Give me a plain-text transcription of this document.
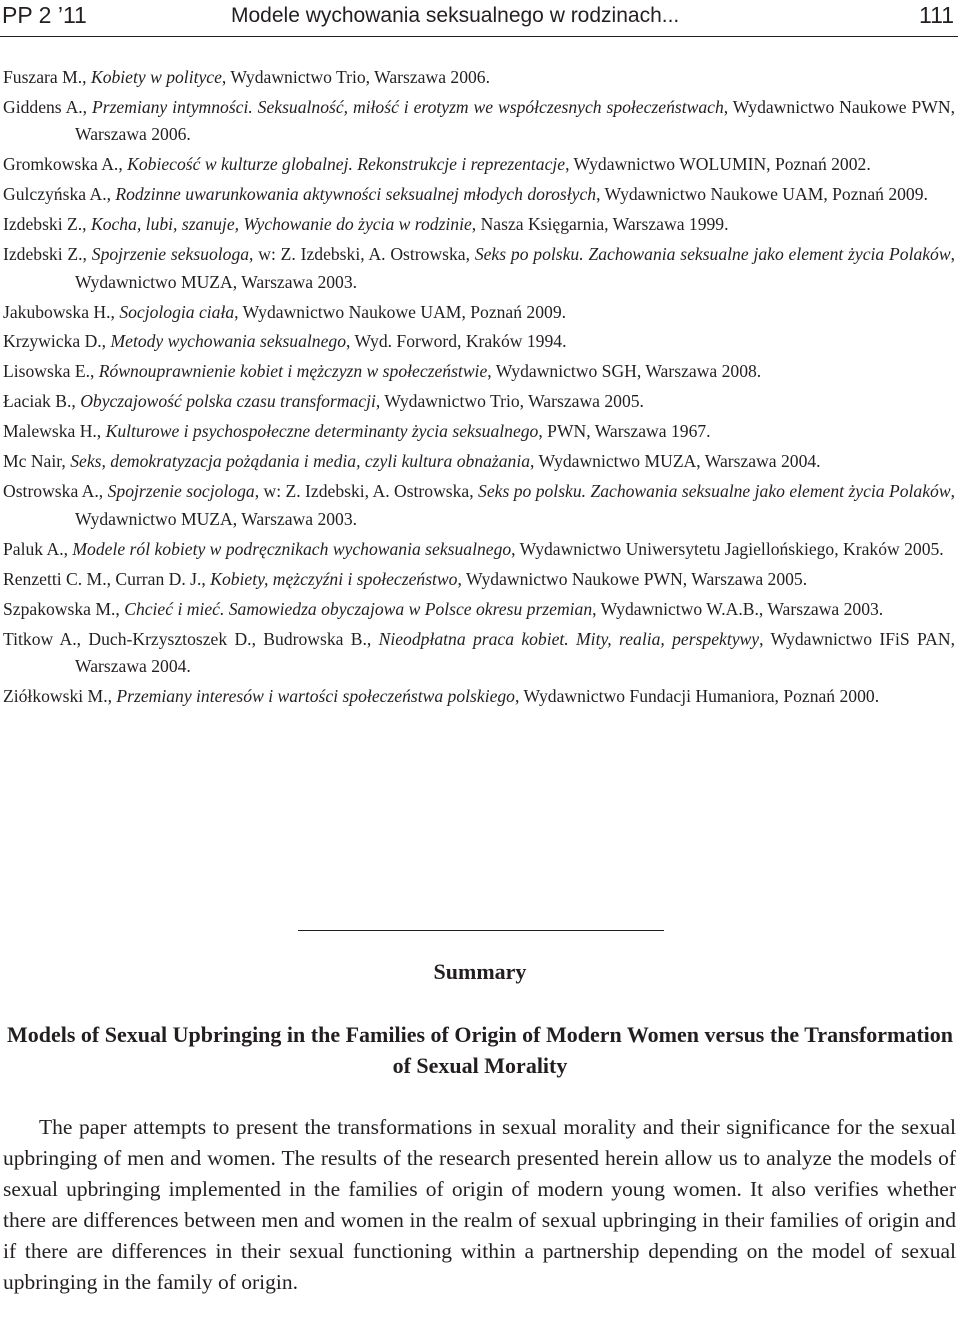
PP 2 ’11	Modele wychowania seksualnego w rodzinach...	111
Fuszara M., Kobiety w polityce, Wydawnictwo Trio, Warszawa 2006.
Giddens A., Przemiany intymności. Seksualność, miłość i erotyzm we współczesnych społeczeństwach, Wydawnictwo Naukowe PWN, Warszawa 2006.
Gromkowska A., Kobiecość w kulturze globalnej. Rekonstrukcje i reprezentacje, Wydawnictwo WOLUMIN, Poznań 2002.
Gulczyńska A., Rodzinne uwarunkowania aktywności seksualnej młodych dorosłych, Wydawnictwo Naukowe UAM, Poznań 2009.
Izdebski Z., Kocha, lubi, szanuje, Wychowanie do życia w rodzinie, Nasza Księgarnia, Warszawa 1999.
Izdebski Z., Spojrzenie seksuologa, w: Z. Izdebski, A. Ostrowska, Seks po polsku. Zachowania seksualne jako element życia Polaków, Wydawnictwo MUZA, Warszawa 2003.
Jakubowska H., Socjologia ciała, Wydawnictwo Naukowe UAM, Poznań 2009.
Krzywicka D., Metody wychowania seksualnego, Wyd. Forword, Kraków 1994.
Lisowska E., Równouprawnienie kobiet i mężczyzn w społeczeństwie, Wydawnictwo SGH, Warszawa 2008.
Łaciak B., Obyczajowość polska czasu transformacji, Wydawnictwo Trio, Warszawa 2005.
Malewska H., Kulturowe i psychospołeczne determinanty życia seksualnego, PWN, Warszawa 1967.
Mc Nair, Seks, demokratyzacja pożądania i media, czyli kultura obnażania, Wydawnictwo MUZA, Warszawa 2004.
Ostrowska A., Spojrzenie socjologa, w: Z. Izdebski, A. Ostrowska, Seks po polsku. Zachowania seksualne jako element życia Polaków, Wydawnictwo MUZA, Warszawa 2003.
Paluk A., Modele ról kobiety w podręcznikach wychowania seksualnego, Wydawnictwo Uniwersytetu Jagiellońskiego, Kraków 2005.
Renzetti C. M., Curran D. J., Kobiety, mężczyźni i społeczeństwo, Wydawnictwo Naukowe PWN, Warszawa 2005.
Szpakowska M., Chcieć i mieć. Samowiedza obyczajowa w Polsce okresu przemian, Wydawnictwo W.A.B., Warszawa 2003.
Titkow A., Duch-Krzysztoszek D., Budrowska B., Nieodpłatna praca kobiet. Mity, realia, perspektywy, Wydawnictwo IFiS PAN, Warszawa 2004.
Ziółkowski M., Przemiany interesów i wartości społeczeństwa polskiego, Wydawnictwo Fundacji Humaniora, Poznań 2000.
Summary
Models of Sexual Upbringing in the Families of Origin of Modern Women versus the Transformation of Sexual Morality

The paper attempts to present the transformations in sexual morality and their significance for the sexual upbringing of men and women. The results of the research presented herein allow us to analyze the models of sexual upbringing implemented in the families of origin of modern young women. It also verifies whether there are differences between men and women in the realm of sexual upbringing in their families of origin and if there are differences in their sexual functioning within a partnership depending on the model of sexual upbringing in the family of origin.
